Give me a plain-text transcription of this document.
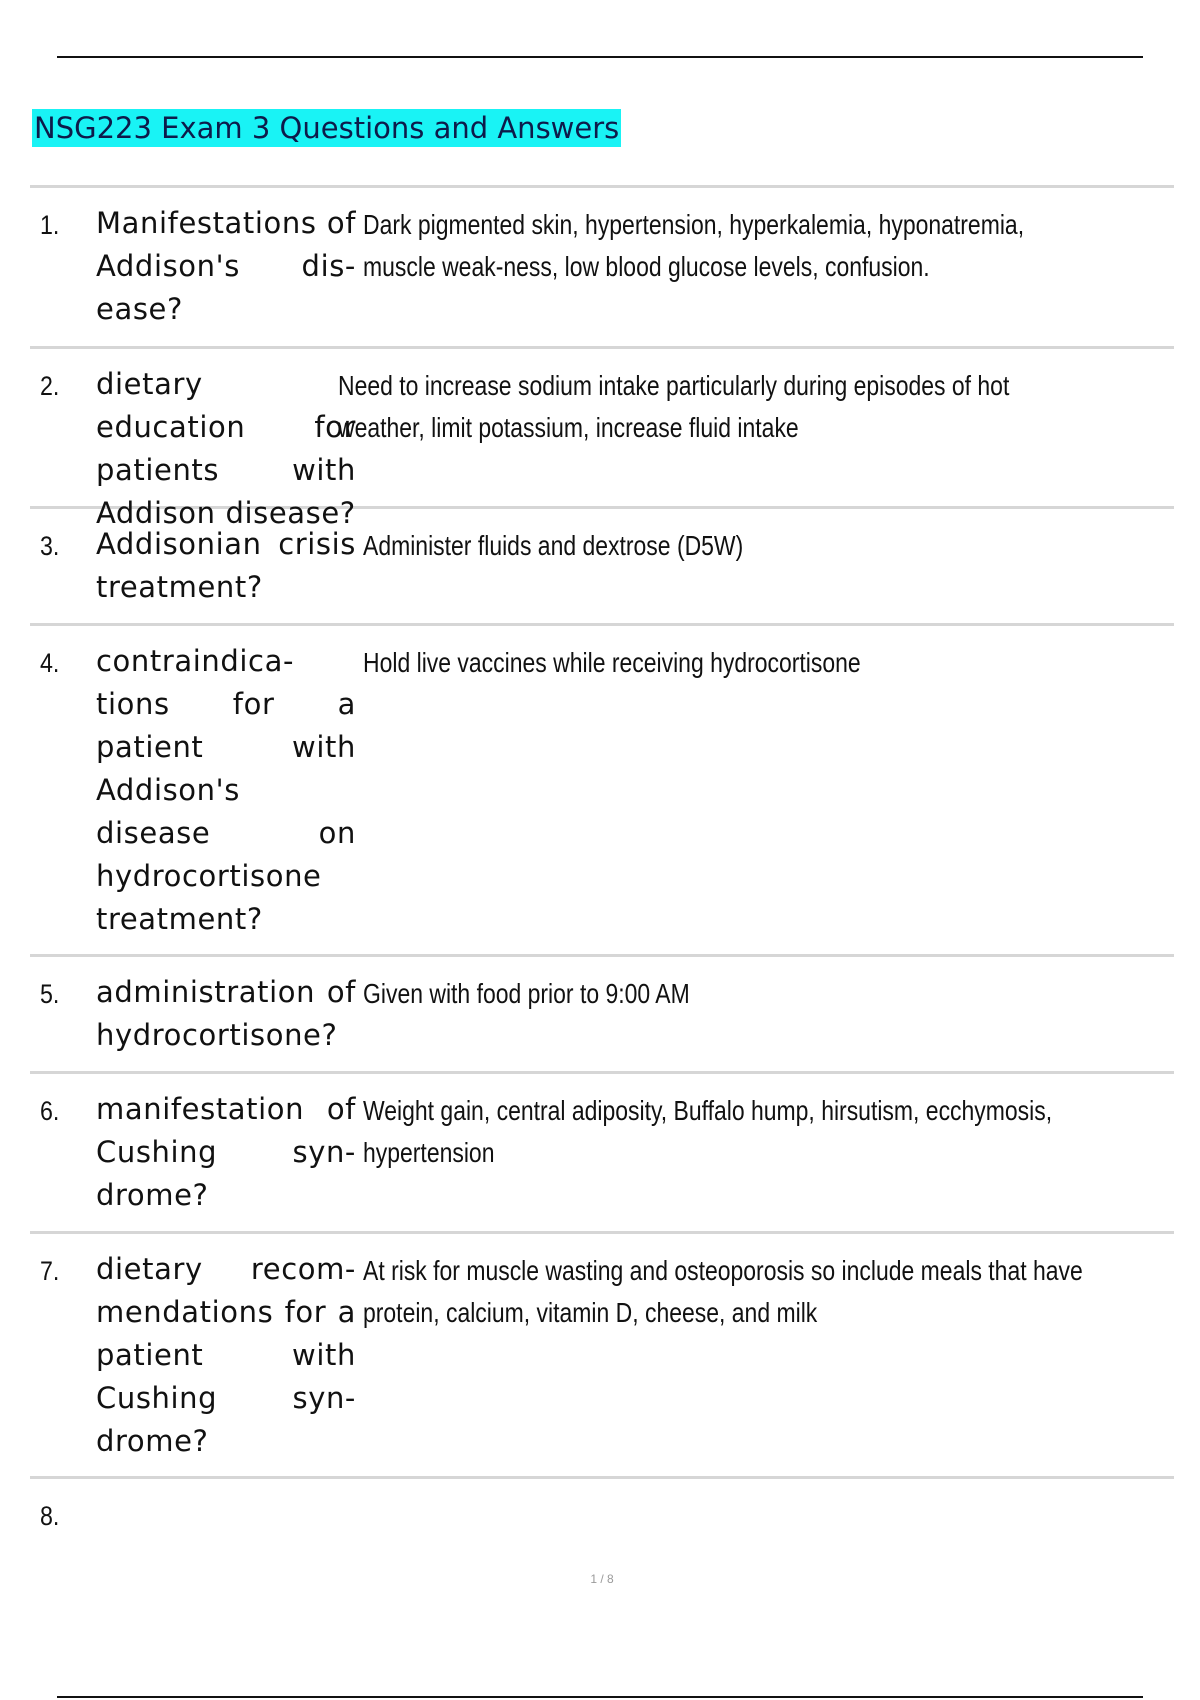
NSG223 Exam 3 Questions and Answers
1. Manifestations of Addison's dis-ease?
Dark pigmented skin, hypertension, hyperkalemia, hyponatremia, muscle weak-ness, low blood glucose levels, confusion.
2. dietary education for patients with Addison disease?
Need to increase sodium intake particularly during episodes of hot weather, limit potassium, increase fluid intake
3. Addisonian crisis treatment?
Administer fluids and dextrose (D5W)
4. contraindica-tions for a patient with Addison's disease on hydrocortisone treatment?
Hold live vaccines while receiving hydrocortisone
5. administration of hydrocortisone?
Given with food prior to 9:00 AM
6. manifestation of Cushing syn-drome?
Weight gain, central adiposity, Buffalo hump, hirsutism, ecchymosis, hypertension
7. dietary recom-mendations for a patient with Cushing syn-drome?
At risk for muscle wasting and osteoporosis so include meals that have protein, calcium, vitamin D, cheese, and milk
8.
1 / 8
